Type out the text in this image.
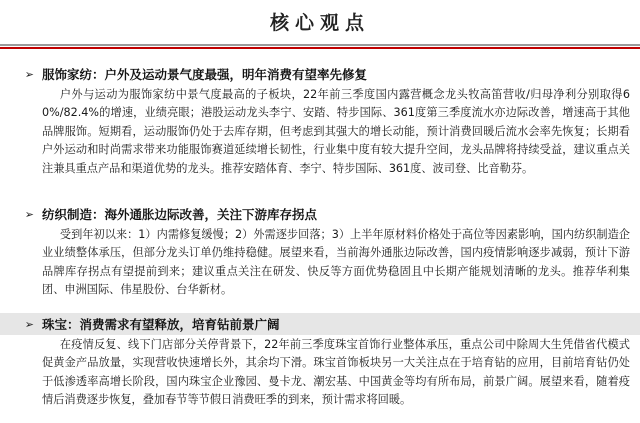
核心观点
➢ 服饰家纺：户外及运动景气度最强，明年消费有望率先修复
户外与运动为服饰家纺中景气度最高的子板块，22年前三季度国内露营概念龙头牧高笛营收/归母净利分别取得60%/82.4%的增速，业绩亮眼；港股运动龙头李宁、安踏、特步国际、361度第三季度流水亦边际改善，增速高于其他品牌服饰。短期看，运动服饰仍处于去库存期，但考虑到其强大的增长动能，预计消费回暖后流水会率先恢复；长期看户外运动和时尚需求带来功能服饰赛道延续增长韧性，行业集中度有较大提升空间，龙头品牌将持续受益，建议重点关注兼具重点产品和渠道优势的龙头。推荐安踏体育、李宁、特步国际、361度、波司登、比音勒芬。
➢ 纺织制造：海外通胀边际改善，关注下游库存拐点
受到年初以来：1）内需修复缓慢；2）外需逐步回落；3）上半年原材料价格处于高位等因素影响，国内纺织制造企业业绩整体承压，但部分龙头订单仍维持稳健。展望来看，当前海外通胀边际改善，国内疫情影响逐步减弱，预计下游品牌库存拐点有望提前到来；建议重点关注在研发、快反等方面优势稳固且中长期产能规划清晰的龙头。推荐华利集团、申洲国际、伟星股份、台华新材。
➢ 珠宝：消费需求有望释放，培育钻前景广阔
在疫情反复、线下门店部分关停背景下，22年前三季度珠宝首饰行业整体承压，重点公司中除周大生凭借省代模式促黄金产品放量，实现营收快速增长外，其余均下滑。珠宝首饰板块另一大关注点在于培育钻的应用，目前培育钻仍处于低渗透率高增长阶段，国内珠宝企业豫园、曼卡龙、潮宏基、中国黄金等均有所布局，前景广阔。展望来看，随着疫情后消费逐步恢复，叠加春节等节假日消费旺季的到来，预计需求将回暖。
